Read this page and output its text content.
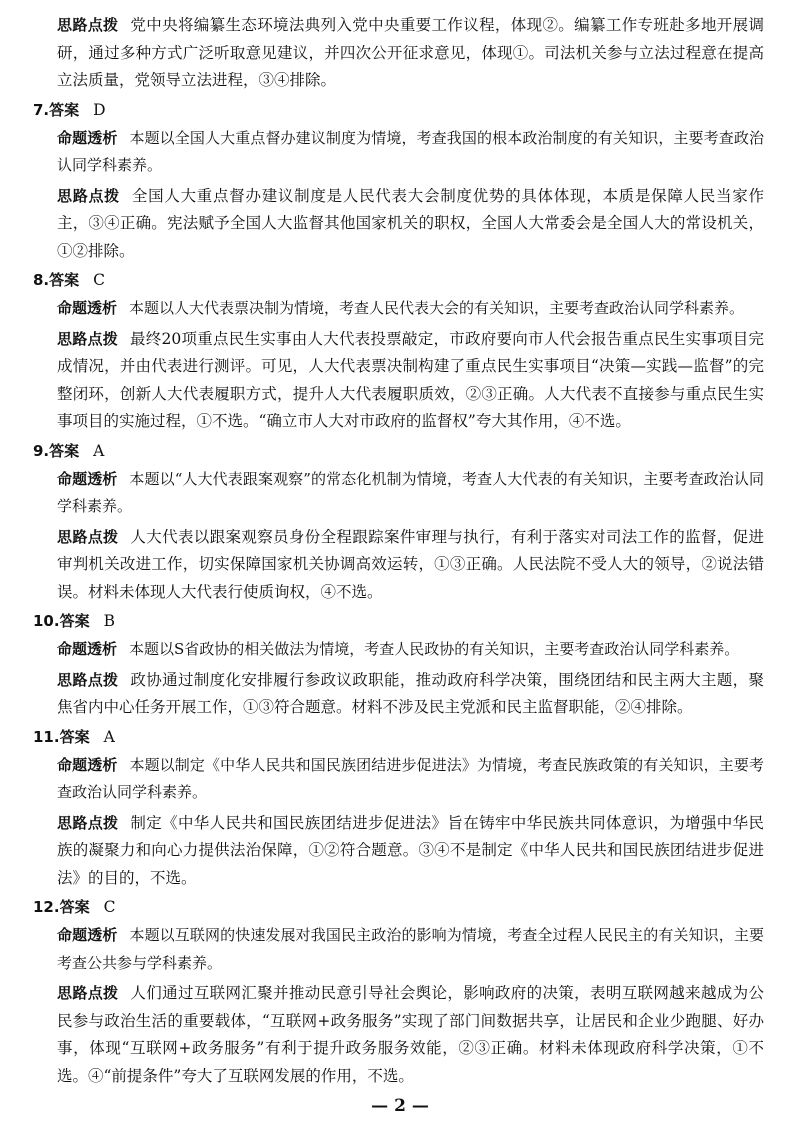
思路点拨 党中央将编纂生态环境法典列入党中央重要工作议程，体现②。编纂工作专班赴多地开展调研，通过多种方式广泛听取意见建议，并四次公开征求意见，体现①。司法机关参与立法过程意在提高立法质量，党领导立法进程，③④排除。

7.答案 D

命题透析 本题以全国人大重点督办建议制度为情境，考查我国的根本政治制度的有关知识，主要考查政治认同学科素养。

思路点拨 全国人大重点督办建议制度是人民代表大会制度优势的具体体现，本质是保障人民当家作主，③④正确。宪法赋予全国人大监督其他国家机关的职权，全国人大常委会是全国人大的常设机关，①②排除。

8.答案 C

命题透析 本题以人大代表票决制为情境，考查人民代表大会的有关知识，主要考查政治认同学科素养。

思路点拨 最终20项重点民生实事由人大代表投票敲定，市政府要向市人代会报告重点民生实事项目完成情况，并由代表进行测评。可见，人大代表票决制构建了重点民生实事项目“决策—实践—监督”的完整闭环，创新人大代表履职方式，提升人大代表履职质效，②③正确。人大代表不直接参与重点民生实事项目的实施过程，①不选。“确立市人大对市政府的监督权”夸大其作用，④不选。

9.答案 A

命题透析 本题以“人大代表跟案观察”的常态化机制为情境，考查人大代表的有关知识，主要考查政治认同学科素养。

思路点拨 人大代表以跟案观察员身份全程跟踪案件审理与执行，有利于落实对司法工作的监督，促进审判机关改进工作，切实保障国家机关协调高效运转，①③正确。人民法院不受人大的领导，②说法错误。材料未体现人大代表行使质询权，④不选。

10.答案 B

命题透析 本题以S省政协的相关做法为情境，考查人民政协的有关知识，主要考查政治认同学科素养。

思路点拨 政协通过制度化安排履行参政议政职能，推动政府科学决策，围绕团结和民主两大主题，聚焦省内中心任务开展工作，①③符合题意。材料不涉及民主党派和民主监督职能，②④排除。

11.答案 A

命题透析 本题以制定《中华人民共和国民族团结进步促进法》为情境，考查民族政策的有关知识，主要考查政治认同学科素养。

思路点拨 制定《中华人民共和国民族团结进步促进法》旨在铸牢中华民族共同体意识，为增强中华民族的凝聚力和向心力提供法治保障，①②符合题意。③④不是制定《中华人民共和国民族团结进步促进法》的目的，不选。

12.答案 C

命题透析 本题以互联网的快速发展对我国民主政治的影响为情境，考查全过程人民民主的有关知识，主要考查公共参与学科素养。

思路点拨 人们通过互联网汇聚并推动民意引导社会舆论，影响政府的决策，表明互联网越来越成为公民参与政治生活的重要载体，“互联网+政务服务”实现了部门间数据共享，让居民和企业少跑腿、好办事，体现“互联网+政务服务”有利于提升政务服务效能，②③正确。材料未体现政府科学决策，①不选。④“前提条件”夸大了互联网发展的作用，不选。

— 2 —
